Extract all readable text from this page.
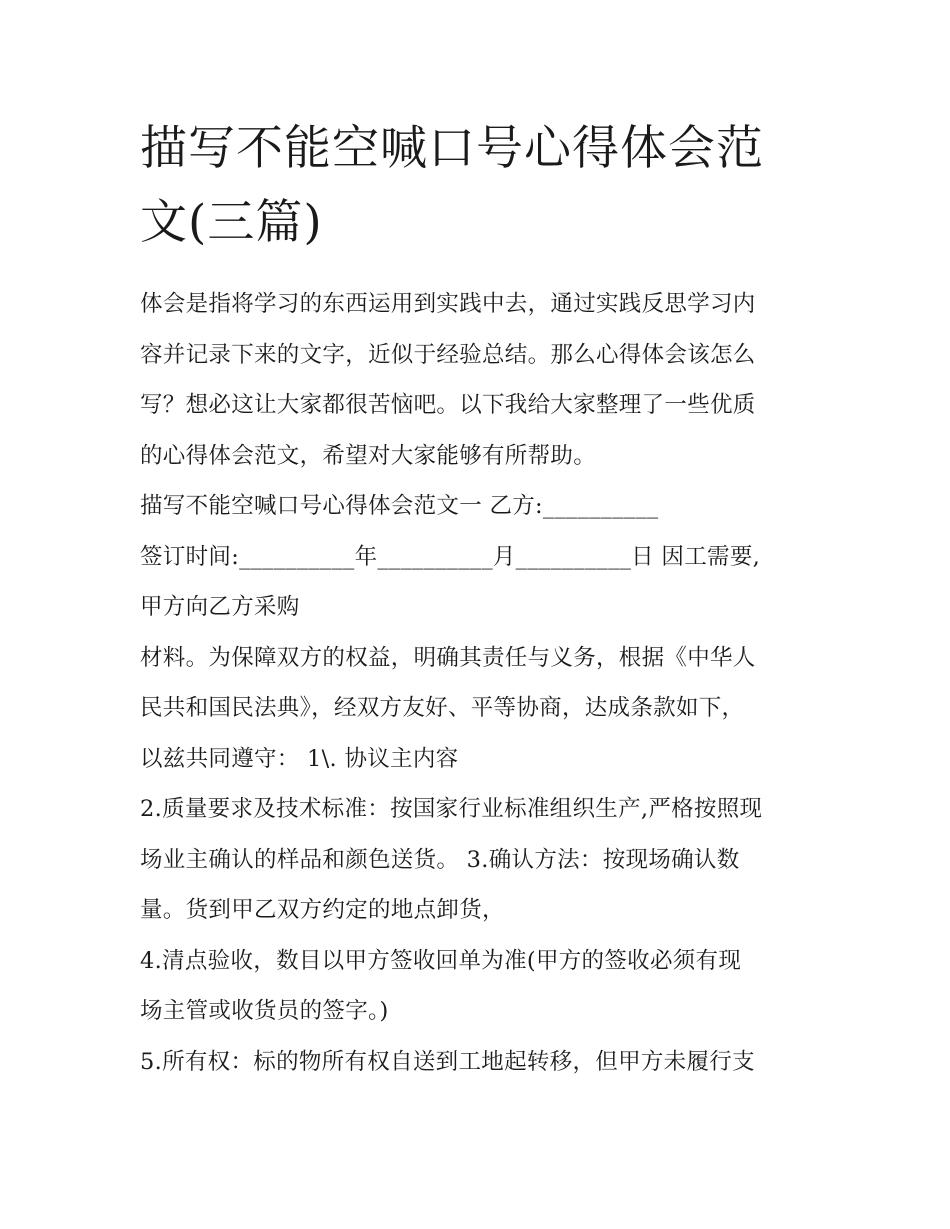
描写不能空喊口号心得体会范
文(三篇)

体会是指将学习的东西运用到实践中去，通过实践反思学习内

容并记录下来的文字，近似于经验总结。那么心得体会该怎么

写？想必这让大家都很苦恼吧。以下我给大家整理了一些优质

的心得体会范文，希望对大家能够有所帮助。

描写不能空喊口号心得体会范文一 乙方:__________

签订时间:__________年__________月__________日 因工需要,

甲方向乙方采购

材料。为保障双方的权益，明确其责任与义务，根据《中华人

民共和国民法典》，经双方友好、平等协商，达成条款如下，

以兹共同遵守： 1\. 协议主内容

2.质量要求及技术标准：按国家行业标准组织生产,严格按照现

场业主确认的样品和颜色送货。 3.确认方法：按现场确认数

量。货到甲乙双方约定的地点卸货，

4.清点验收，数目以甲方签收回单为准(甲方的签收必须有现

场主管或收货员的签字。)

5.所有权：标的物所有权自送到工地起转移，但甲方未履行支
